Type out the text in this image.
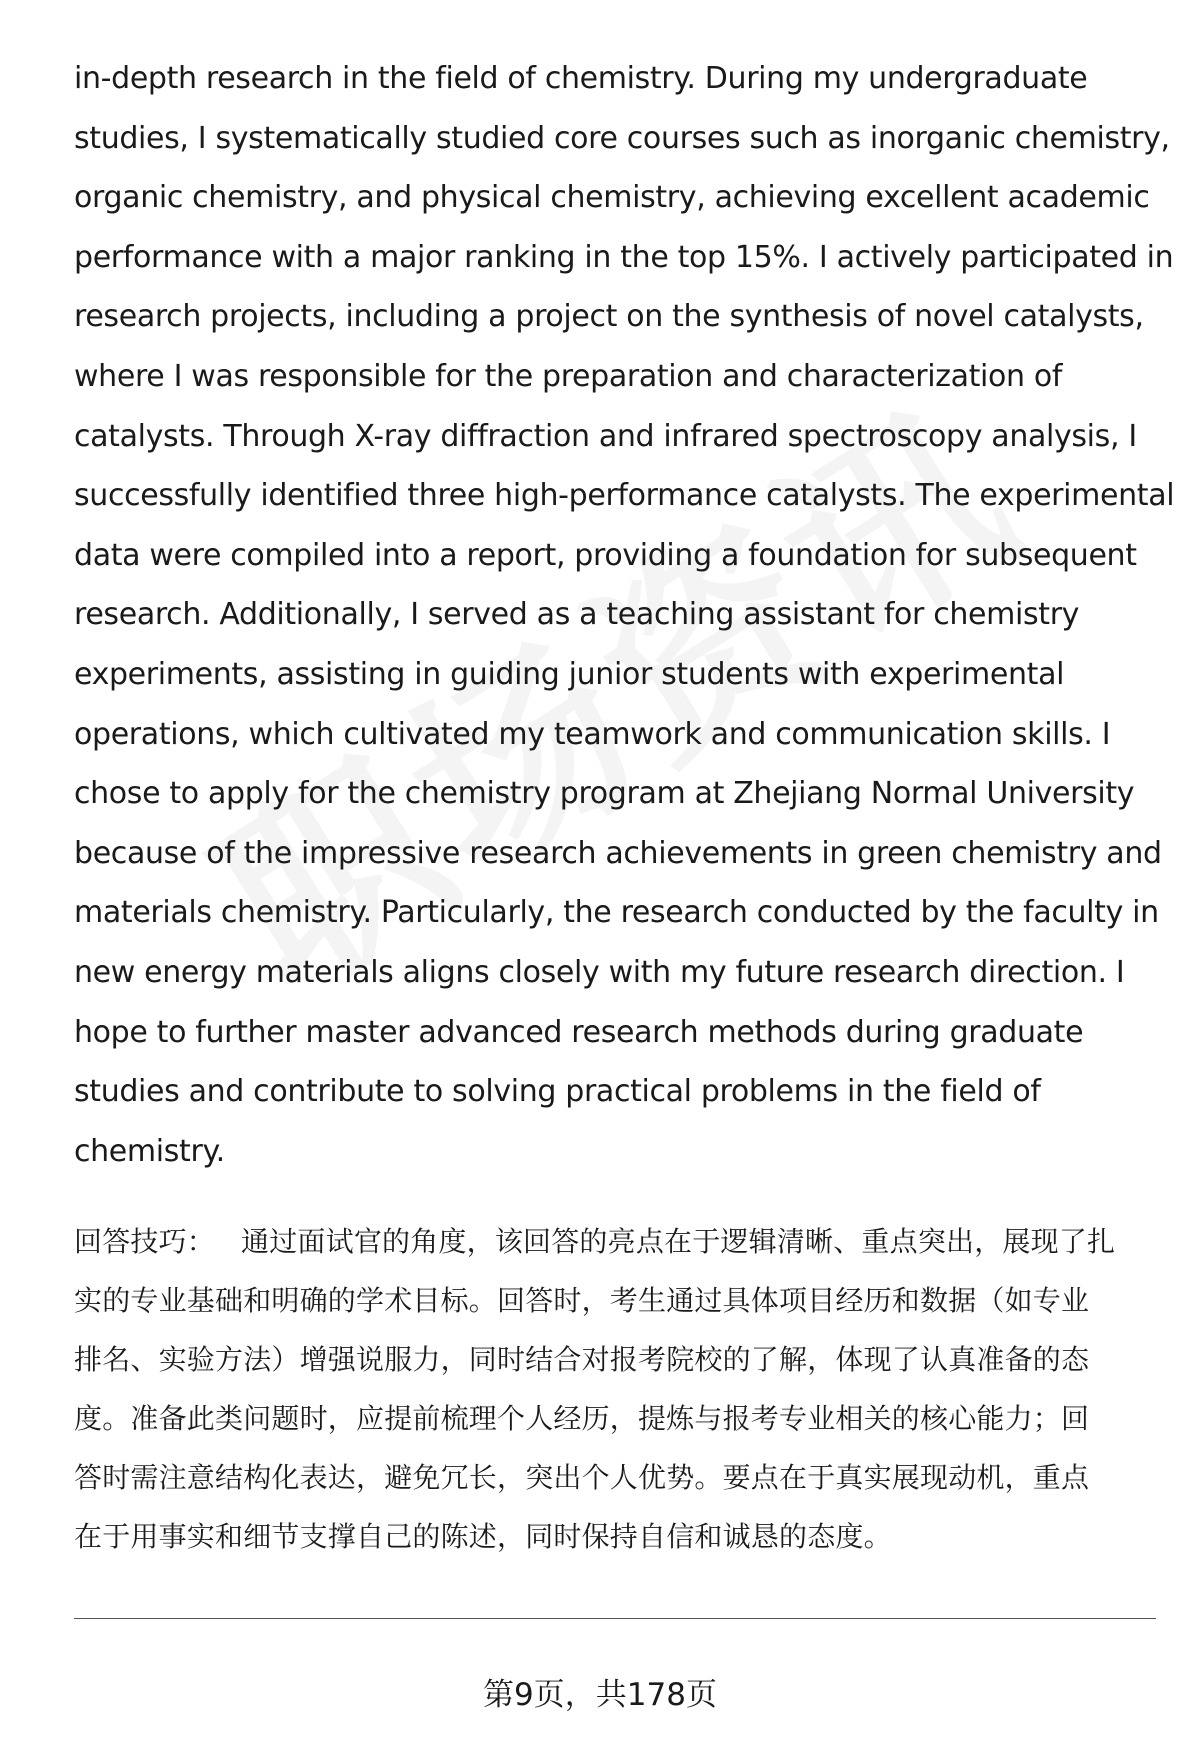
in-depth research in the field of chemistry. During my undergraduate
studies, I systematically studied core courses such as inorganic chemistry,
organic chemistry, and physical chemistry, achieving excellent academic
performance with a major ranking in the top 15%. I actively participated in
research projects, including a project on the synthesis of novel catalysts,
where I was responsible for the preparation and characterization of
catalysts. Through X-ray diffraction and infrared spectroscopy analysis, I
successfully identified three high-performance catalysts. The experimental
data were compiled into a report, providing a foundation for subsequent
research. Additionally, I served as a teaching assistant for chemistry
experiments, assisting in guiding junior students with experimental
operations, which cultivated my teamwork and communication skills. I
chose to apply for the chemistry program at Zhejiang Normal University
because of the impressive research achievements in green chemistry and
materials chemistry. Particularly, the research conducted by the faculty in
new energy materials aligns closely with my future research direction. I
hope to further master advanced research methods during graduate
studies and contribute to solving practical problems in the field of
chemistry.
回答技巧： 通过面试官的角度，该回答的亮点在于逻辑清晰、重点突出，展现了扎
实的专业基础和明确的学术目标。回答时，考生通过具体项目经历和数据（如专业
排名、实验方法）增强说服力，同时结合对报考院校的了解，体现了认真准备的态
度。准备此类问题时，应提前梳理个人经历，提炼与报考专业相关的核心能力；回
答时需注意结构化表达，避免冗长，突出个人优势。要点在于真实展现动机，重点
在于用事实和细节支撑自己的陈述，同时保持自信和诚恳的态度。
第9页，共178页
